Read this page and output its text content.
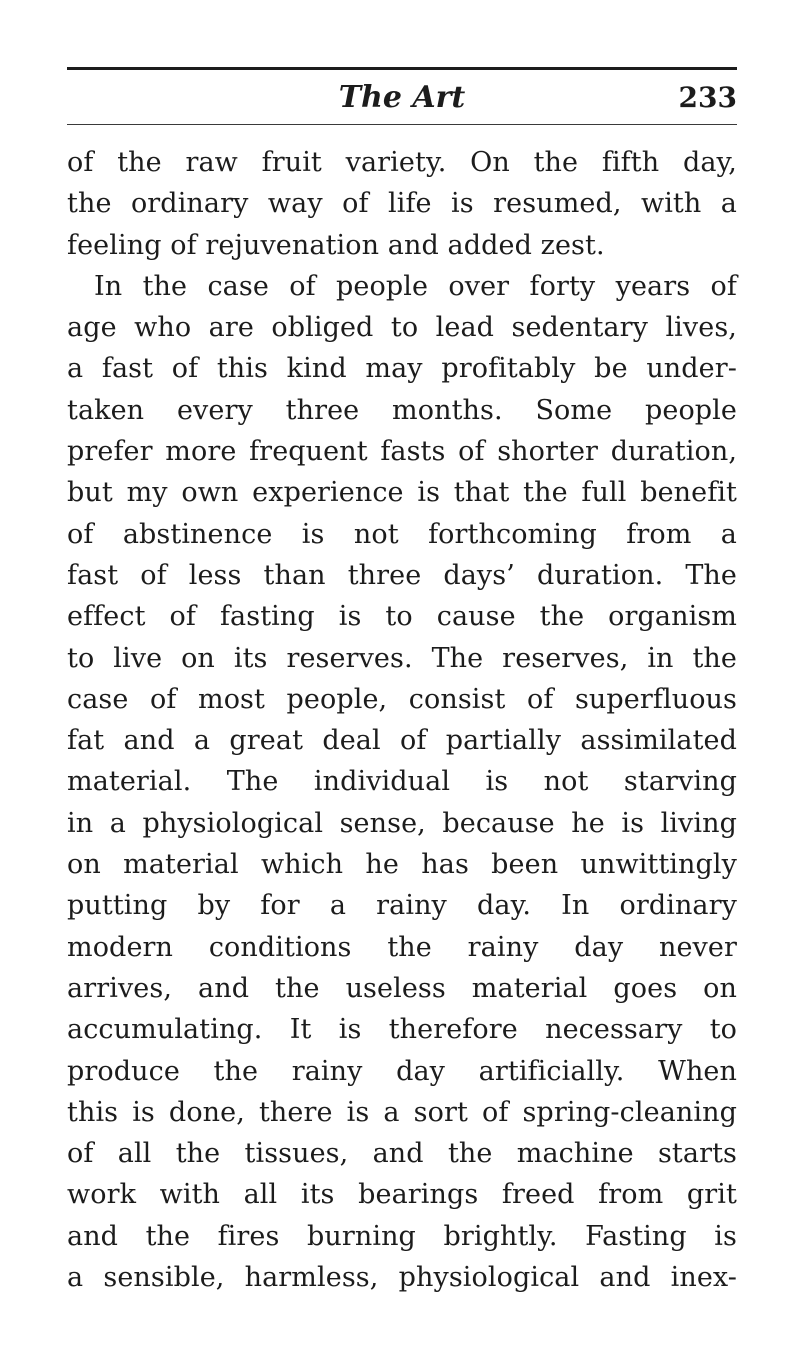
The Art	233
of the raw fruit variety. On the fifth day,
the ordinary way of life is resumed, with a
feeling of rejuvenation and added zest.
In the case of people over forty years of
age who are obliged to lead sedentary lives,
a fast of this kind may profitably be under-
taken every three months. Some people
prefer more frequent fasts of shorter duration,
but my own experience is that the full benefit
of abstinence is not forthcoming from a
fast of less than three days’ duration. The
effect of fasting is to cause the organism
to live on its reserves. The reserves, in the
case of most people, consist of superfluous
fat and a great deal of partially assimilated
material. The individual is not starving
in a physiological sense, because he is living
on material which he has been unwittingly
putting by for a rainy day. In ordinary
modern conditions the rainy day never
arrives, and the useless material goes on
accumulating. It is therefore necessary to
produce the rainy day artificially. When
this is done, there is a sort of spring-cleaning
of all the tissues, and the machine starts
work with all its bearings freed from grit
and the fires burning brightly. Fasting is
a sensible, harmless, physiological and inex-
